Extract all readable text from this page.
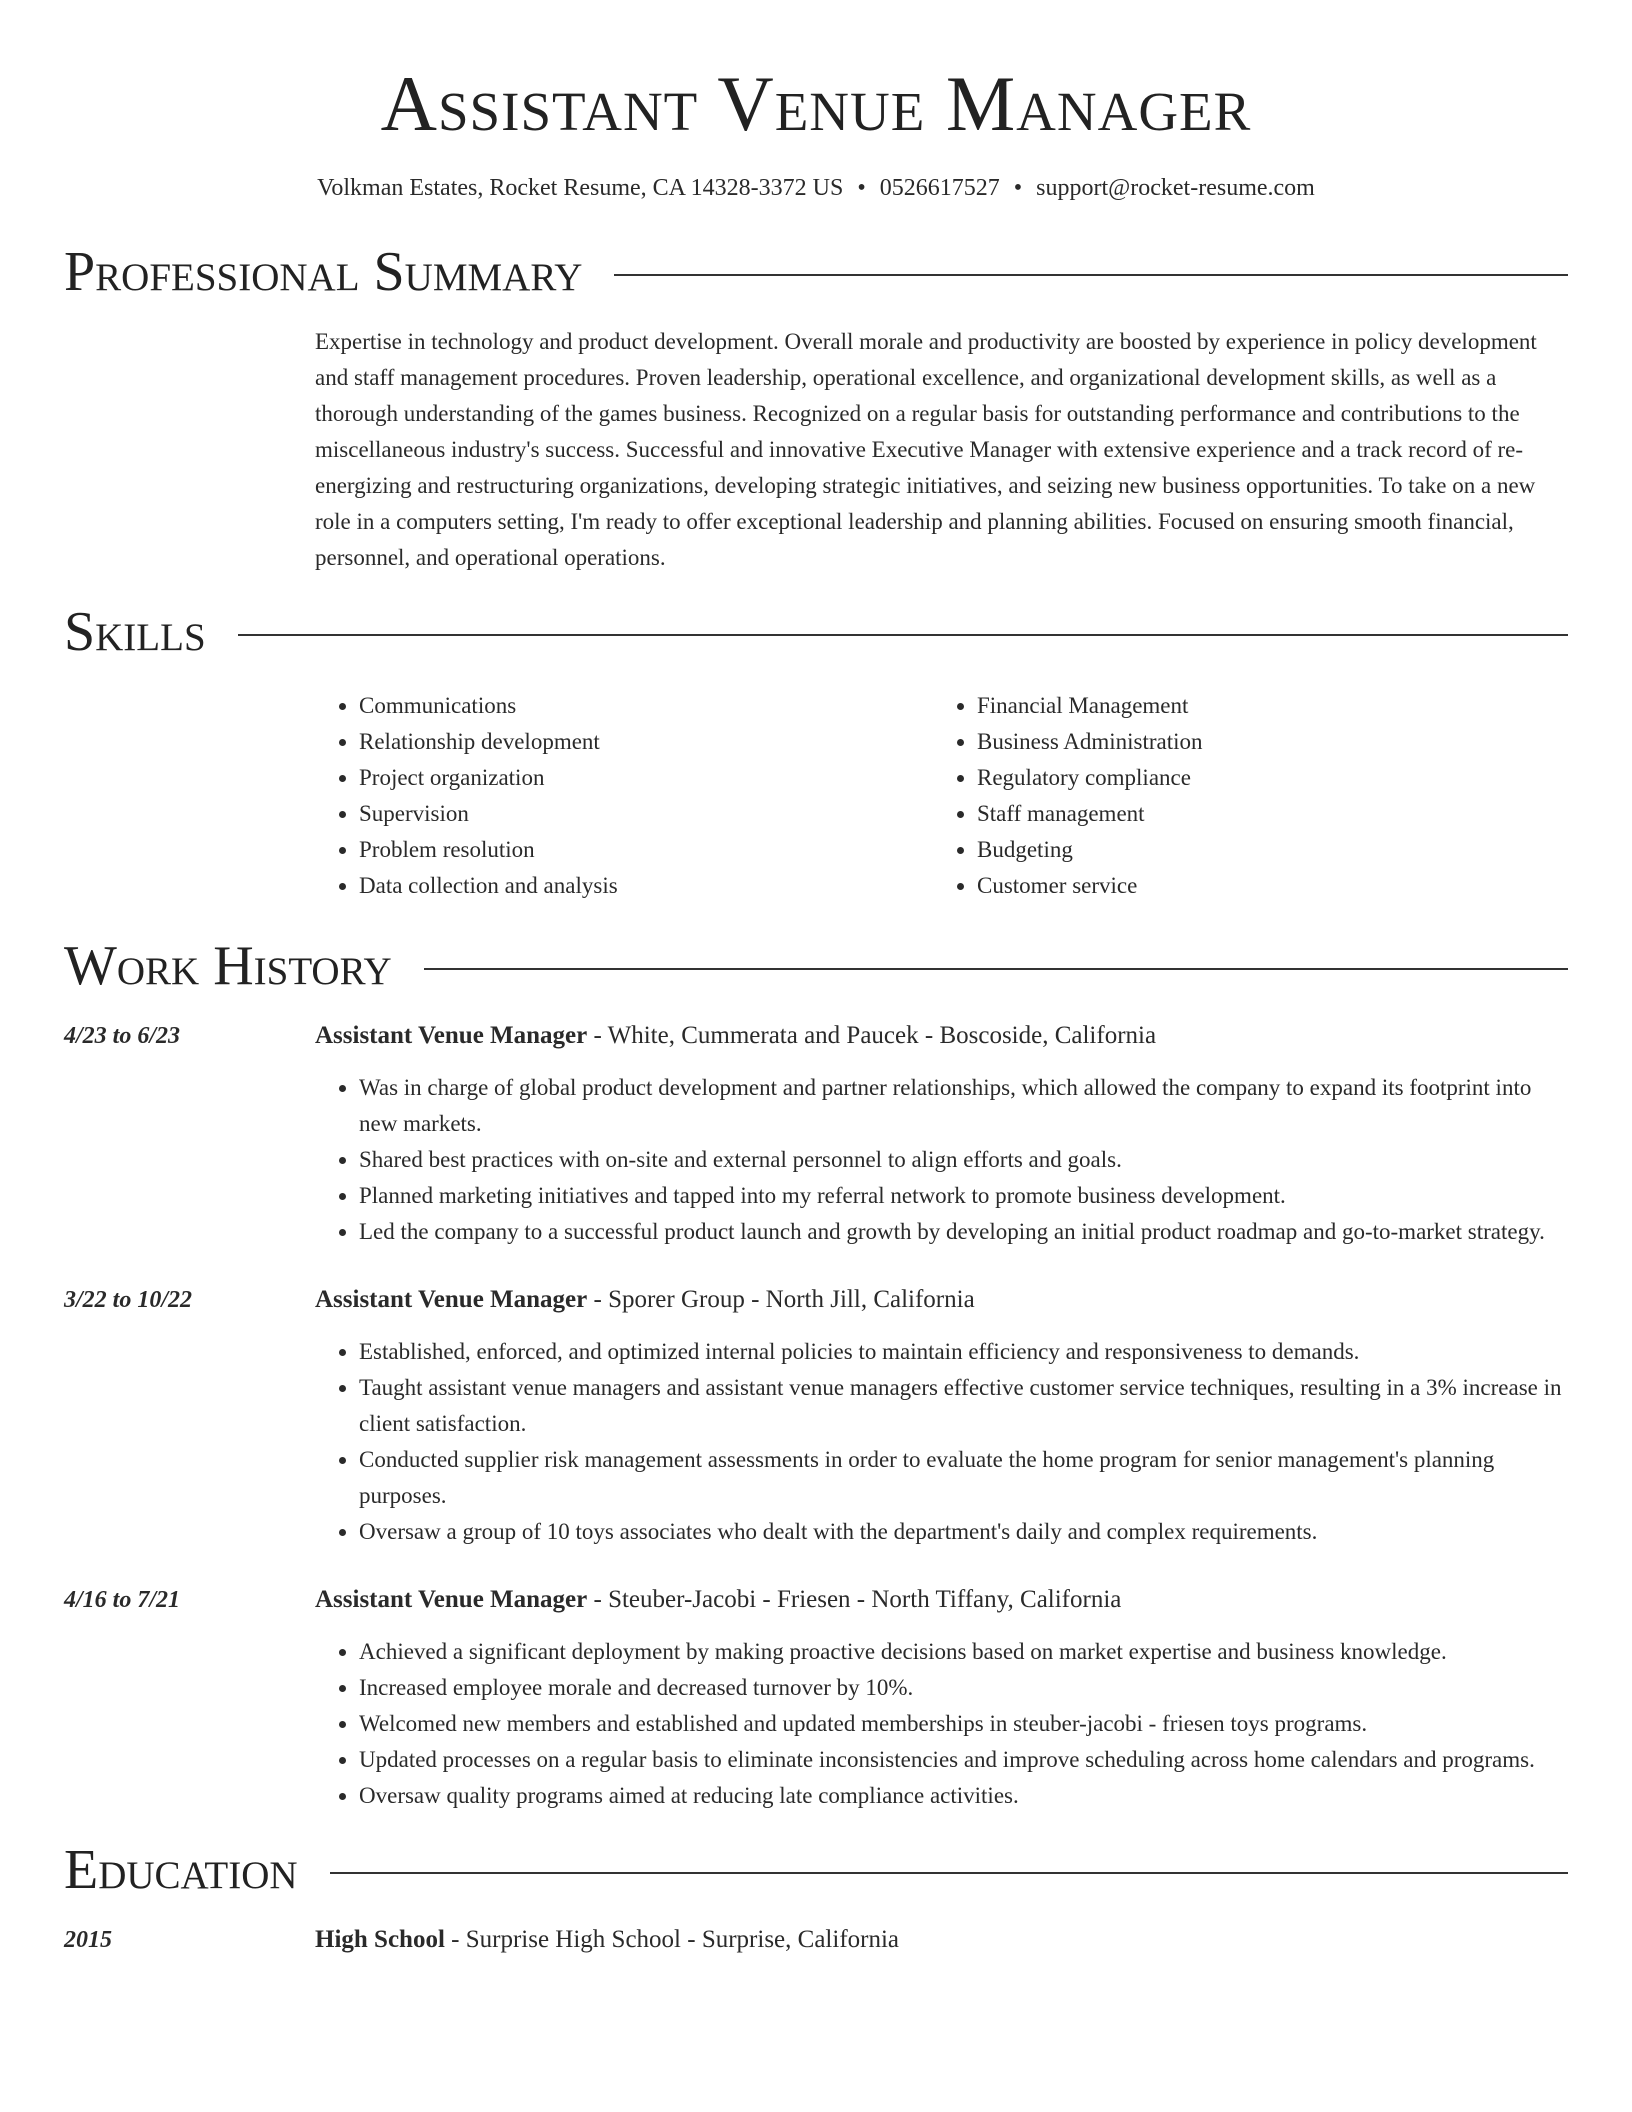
Assistant Venue Manager
Volkman Estates, Rocket Resume, CA 14328-3372 US • 0526617527 • support@rocket-resume.com
Professional Summary

Expertise in technology and product development. Overall morale and productivity are boosted by experience in policy development and staff management procedures. Proven leadership, operational excellence, and organizational development skills, as well as a thorough understanding of the games business. Recognized on a regular basis for outstanding performance and contributions to the miscellaneous industry's success. Successful and innovative Executive Manager with extensive experience and a track record of re-energizing and restructuring organizations, developing strategic initiatives, and seizing new business opportunities. To take on a new role in a computers setting, I'm ready to offer exceptional leadership and planning abilities. Focused on ensuring smooth financial, personnel, and operational operations.

Skills
• Communications
• Relationship development
• Project organization
• Supervision
• Problem resolution
• Data collection and analysis
• Financial Management
• Business Administration
• Regulatory compliance
• Staff management
• Budgeting
• Customer service
Work History
4/23 to 6/23	Assistant Venue Manager - White, Cummerata and Paucek - Boscoside, California
• Was in charge of global product development and partner relationships, which allowed the company to expand its footprint into new markets.
• Shared best practices with on-site and external personnel to align efforts and goals.
• Planned marketing initiatives and tapped into my referral network to promote business development.
• Led the company to a successful product launch and growth by developing an initial product roadmap and go-to-market strategy.
3/22 to 10/22	Assistant Venue Manager - Sporer Group - North Jill, California
• Established, enforced, and optimized internal policies to maintain efficiency and responsiveness to demands.
• Taught assistant venue managers and assistant venue managers effective customer service techniques, resulting in a 3% increase in client satisfaction.
• Conducted supplier risk management assessments in order to evaluate the home program for senior management's planning purposes.
• Oversaw a group of 10 toys associates who dealt with the department's daily and complex requirements.
4/16 to 7/21	Assistant Venue Manager - Steuber-Jacobi - Friesen - North Tiffany, California
• Achieved a significant deployment by making proactive decisions based on market expertise and business knowledge.
• Increased employee morale and decreased turnover by 10%.
• Welcomed new members and established and updated memberships in steuber-jacobi - friesen toys programs.
• Updated processes on a regular basis to eliminate inconsistencies and improve scheduling across home calendars and programs.
• Oversaw quality programs aimed at reducing late compliance activities.
Education
2015	High School - Surprise High School - Surprise, California
